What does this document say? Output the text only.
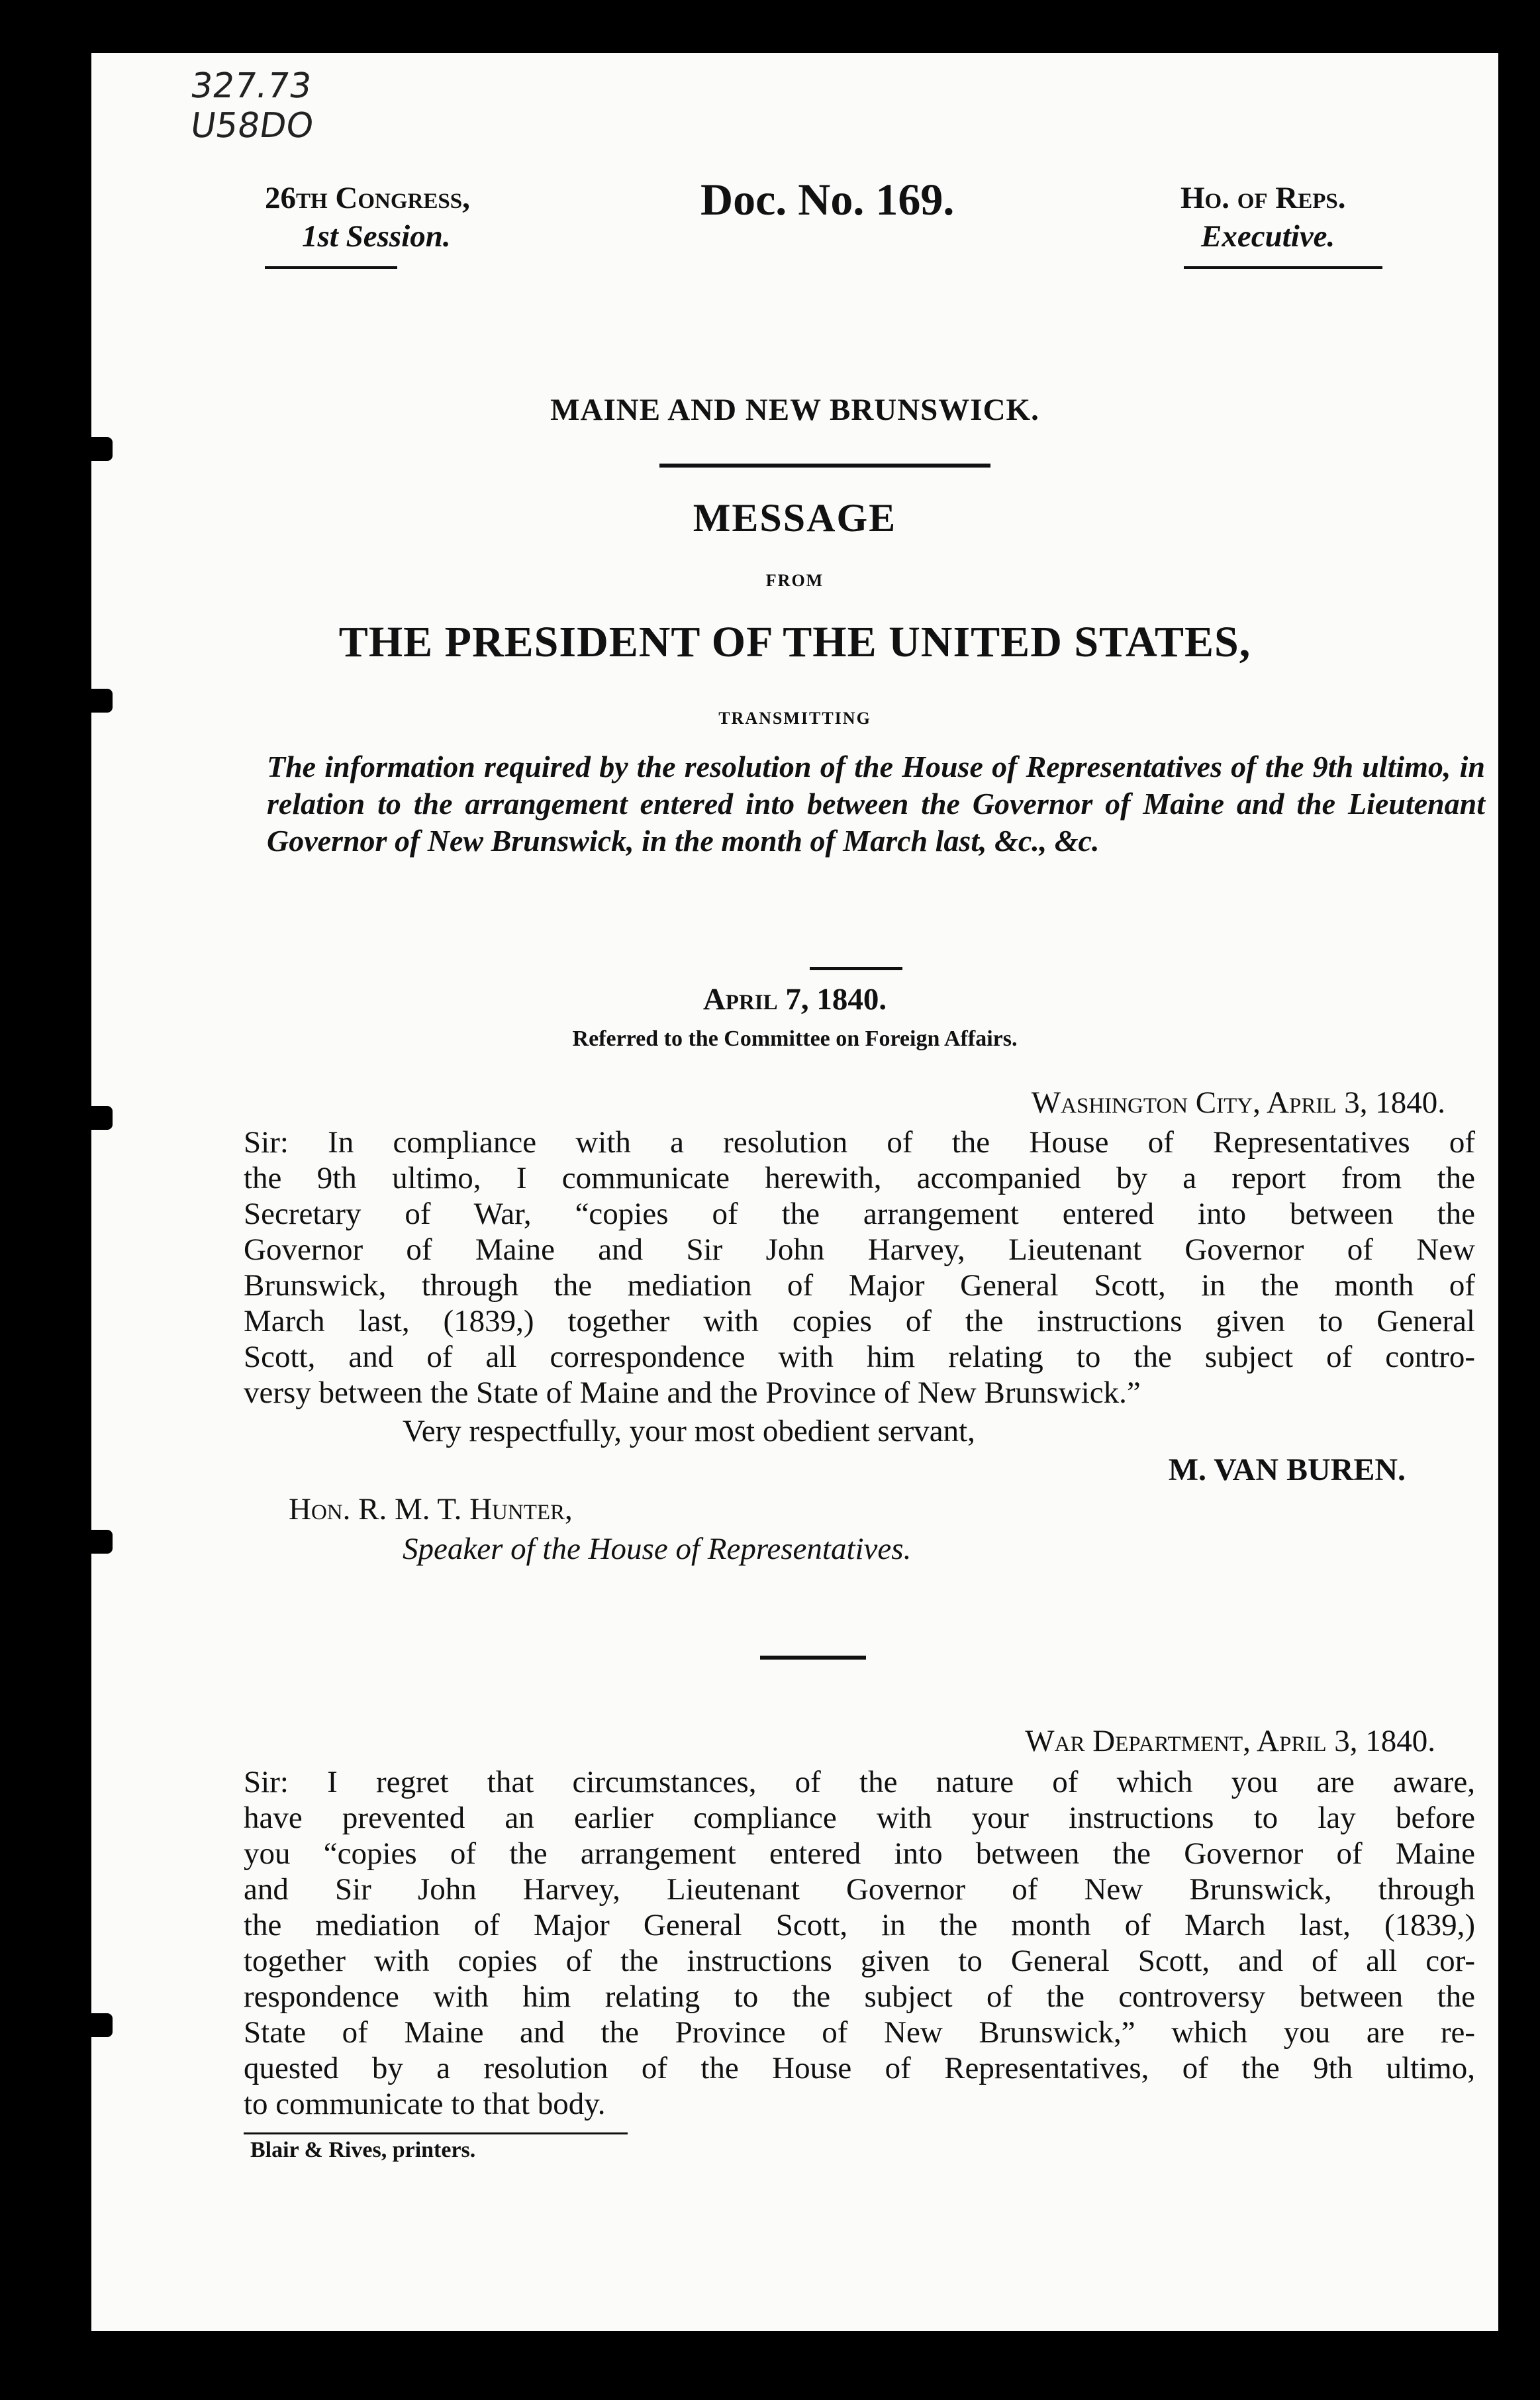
327.73
U58DO
26th Congress,
1st Session.
Doc. No. 169.	Ho. of Reps.
Executive.
MAINE AND NEW BRUNSWICK.
MESSAGE
FROM
THE PRESIDENT OF THE UNITED STATES,
TRANSMITTING
The information required by the resolution of the House of Representatives of the 9th ultimo, in relation to the arrangement entered into between the Governor of Maine and the Lieutenant Governor of New Brunswick, in the month of March last, &c., &c.
April 7, 1840.
Referred to the Committee on Foreign Affairs.
Washington City, April 3, 1840.
Sir: In compliance with a resolution of the House of Representatives of
the 9th ultimo, I communicate herewith, accompanied by a report from the
Secretary of War, “copies of the arrangement entered into between the
Governor of Maine and Sir John Harvey, Lieutenant Governor of New
Brunswick, through the mediation of Major General Scott, in the month of
March last, (1839,) together with copies of the instructions given to General
Scott, and of all correspondence with him relating to the subject of contro-
versy between the State of Maine and the Province of New Brunswick.”
Very respectfully, your most obedient servant,
M. VAN BUREN.
Hon. R. M. T. Hunter,
Speaker of the House of Representatives.
War Department, April 3, 1840.
Sir: I regret that circumstances, of the nature of which you are aware,
have prevented an earlier compliance with your instructions to lay before
you “copies of the arrangement entered into between the Governor of Maine
and Sir John Harvey, Lieutenant Governor of New Brunswick, through
the mediation of Major General Scott, in the month of March last, (1839,)
together with copies of the instructions given to General Scott, and of all cor-
respondence with him relating to the subject of the controversy between the
State of Maine and the Province of New Brunswick,” which you are re-
quested by a resolution of the House of Representatives, of the 9th ultimo,
to communicate to that body.
Blair & Rives, printers.
